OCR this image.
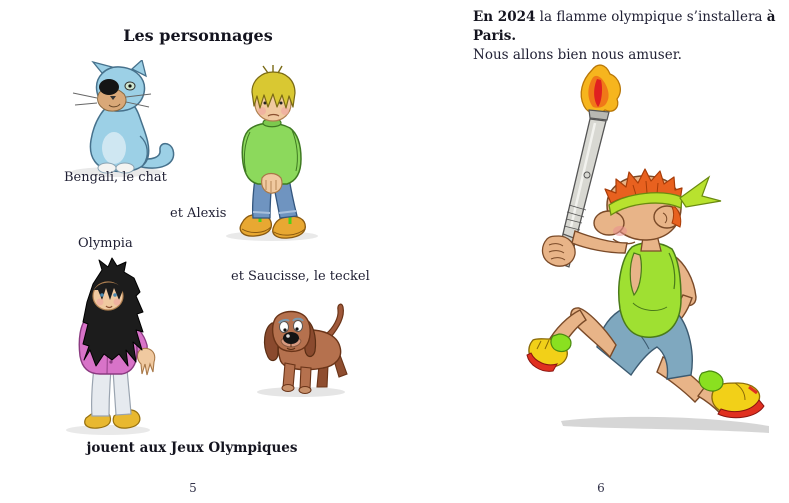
Les personnages
Bengali, le chat
et Alexis
Olympia
et Saucisse, le teckel
jouent aux Jeux Olympiques
5

En 2024 la flamme olympique s’installera à Paris.
Nous allons bien nous amuser.

6
